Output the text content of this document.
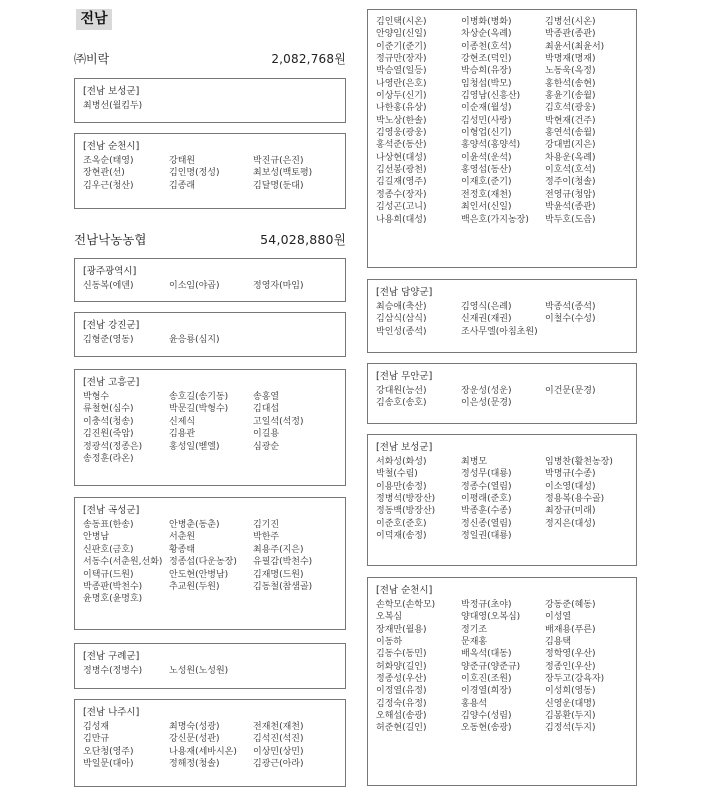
전남
㈜비락	2,082,768원
[전남 보성군]
최병선(월킴두)
[전남 순천시]
조옥순(태영)	강태원	박진규(은진)
장현관(선)	김인명(정성)	최보성(백토평)
김우근(청산)	김종래	김달명(둔대)
전남낙농농협	54,028,880원
[광주광역시]
신동복(에덴)	이소임(야곱)	정영자(마임)
[전남 강진군]
김형준(영동)	윤응룡(심지)
[전남 고흥군]
박형수	송호길(송기동)	송홍열
류철현(심수)	박문길(박형수)	김대섭
이충석(청송)	신제식	고일석(석정)
김진원(죽암)	김용관	이길용
정광석(정종은)	홍성일(벧엘)	심광순
송정훈(라온)
[전남 곡성군]
송동표(한송)	안병춘(동춘)	김기진
안병남	서춘원	박한주
신판호(금호)	황종태	최용주(지은)
서동수(서춘원,선화) 정종섭(다운농장)	유필감(박천수)
이택규(드원)	안도현(안병남)	김재명(드원)
박종판(박천수)	추교원(두원)	김동철(참샘골)
윤명호(윤명호)
[전남 구례군]
정병수(정병수)	노성원(노성원)
[전남 나주시]
김성재	최명숙(성광)	전재천(재천)
김만규	강신문(성관)	김석진(석진)
오단청(영주)	나용재(세바시온)	이상민(상민)
박일문(대아)	정해정(청솔)	김광근(아라)
김인택(시온)	이병화(병화)	김병선(시온)
안양임(신일)	차상순(옥례)	박종관(종관)
이준기(준기)	이종천(호석)	최윤서(최윤서)
정규만(장자)	강현조(덕인)	박명재(명재)
박승열(일등)	박승희(유장)	노동욱(옥정)
나영란(은호)	임청섭(박모)	홍한석(송현)
이상두(신기)	김영남(신흥산)	홍윤기(송월)
나한홍(유상)	이순재(월성)	김호석(광웅)
박노상(한솔)	김성민(사랑)	박현재(건주)
김영웅(광웅)	이형업(신기)	홍연석(송월)
홍석준(동산)	홍양석(홍양석)	강대범(지은)
나상현(대성)	이윤석(운석)	차용운(옥례)
김선봉(광천)	홍영섭(동산)	이호석(호석)
김길재(영주)	이재호(준기)	정주이(청솔)
정종수(장자)	전정호(재천)	전영규(청암)
김성곤(고니)	최인서(신일)	박윤석(종관)
나용희(대성)	백은호(가지농장)	박두호(도음)
[전남 담양군]
최승애(축산)	김영식(은례)	박종석(종석)
김삼식(삼식)	신재권(재권)	이철수(수성)
박인성(종석)	조사무엘(아침초원)
[전남 무안군]
강대원(능선)	장운성(성운)	이건문(문경)
김송호(송호)	이은성(문경)
[전남 보성군]
서화성(화성)	최병모	임병찬(활천농장)
박철(수림)	정성무(대룡)	박명규(수종)
이용만(송정)	정종수(열림)	이소영(대성)
정병석(방장산)	이평래(준호)	정용복(용수골)
정동백(방장산)	박종훈(수종)	최장규(미래)
이준호(준호)	정신종(열림)	정지은(대성)
이덕재(송정)	정일권(대룡)
[전남 순천시]
손학모(손학모)	박정규(초야)	강동준(혜동)
오복심	양대영(오복심)	이성열
장재만(월용)	정기조	배재용(푸른)
이동하	문재홍	김용택
김동수(동민)	배옥석(대동)	정학영(우산)
허화양(길인)	양준규(양준규)	정종인(우산)
정종성(우산)	이호진(조원)	장두고(강욕자)
이정열(유정)	이경열(희장)	이성희(영동)
김정숙(유정)	홍용석	신영운(대명)
오해섭(송광)	김양수(성림)	김봉환(두지)
허준현(길인)	오동현(송광)	김정석(두지)
